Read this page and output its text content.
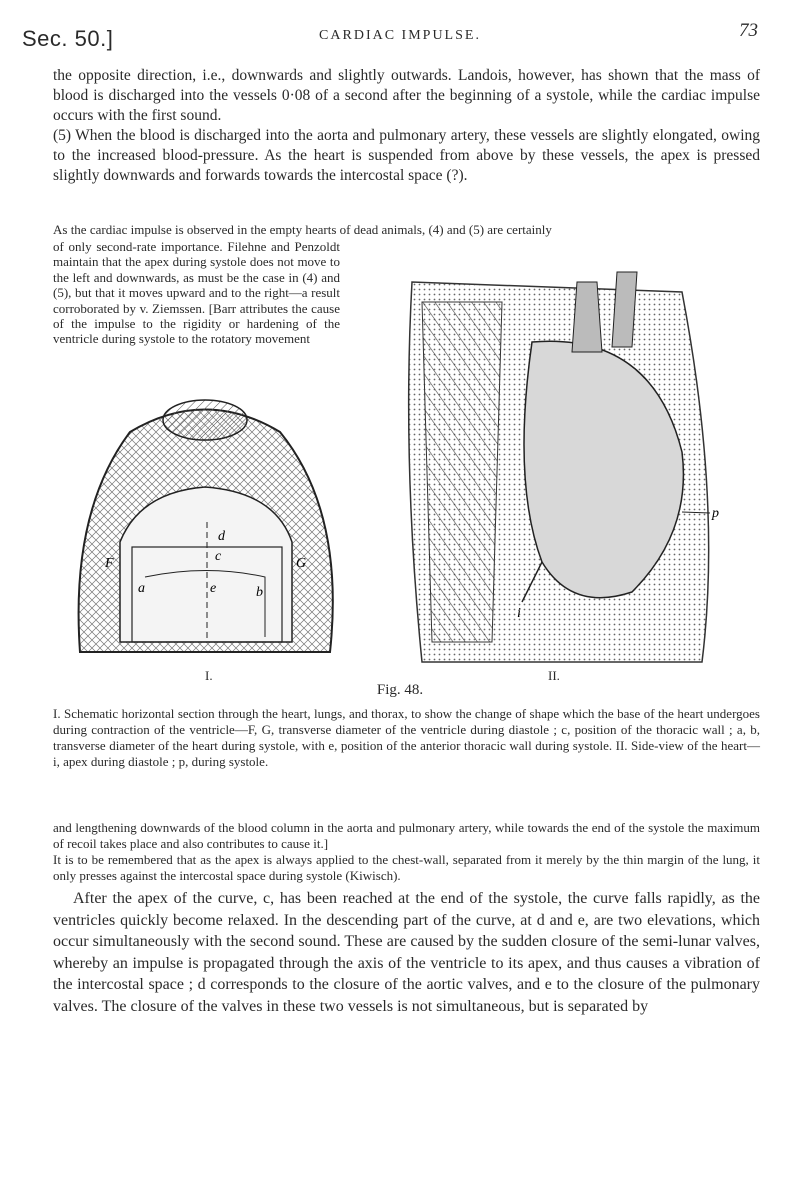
Sec. 50.]	CARDIAC IMPULSE.	73
the opposite direction, i.e., downwards and slightly outwards. Landois, however, has shown that the mass of blood is discharged into the vessels 0·08 of a second after the beginning of a systole, while the cardiac impulse occurs with the first sound.
(5) When the blood is discharged into the aorta and pulmonary artery, these vessels are slightly elongated, owing to the increased blood-pressure. As the heart is suspended from above by these vessels, the apex is pressed slightly downwards and forwards towards the intercostal space (?).
As the cardiac impulse is observed in the empty hearts of dead animals, (4) and (5) are certainly
of only second-rate importance. Filehne and Penzoldt maintain that the apex during systole does not move to the left and downwards, as must be the case in (4) and (5), but that it moves upward and to the right—a result corroborated by v. Ziemssen. [Barr attributes the cause of the impulse to the rigidity or hardening of the ventricle during systole to the rotatory movement
d
c
F	G
a	b
e
i
p
I.	II.
Fig. 48.
I. Schematic horizontal section through the heart, lungs, and thorax, to show the change of shape which the base of the heart undergoes during contraction of the ventricle—F, G, transverse diameter of the ventricle during diastole ; c, position of the thoracic wall ; a, b, transverse diameter of the heart during systole, with e, position of the anterior thoracic wall during systole. II. Side-view of the heart—i, apex during diastole ; p, during systole.
and lengthening downwards of the blood column in the aorta and pulmonary artery, while towards the end of the systole the maximum of recoil takes place and also contributes to cause it.]
It is to be remembered that as the apex is always applied to the chest-wall, separated from it merely by the thin margin of the lung, it only presses against the intercostal space during systole (Kiwisch).
After the apex of the curve, c, has been reached at the end of the systole, the curve falls rapidly, as the ventricles quickly become relaxed. In the descending part of the curve, at d and e, are two elevations, which occur simultaneously with the second sound. These are caused by the sudden closure of the semi-lunar valves, whereby an impulse is propagated through the axis of the ventricle to its apex, and thus causes a vibration of the intercostal space ; d corresponds to the closure of the aortic valves, and e to the closure of the pulmonary valves. The closure of the valves in these two vessels is not simultaneous, but is separated by
